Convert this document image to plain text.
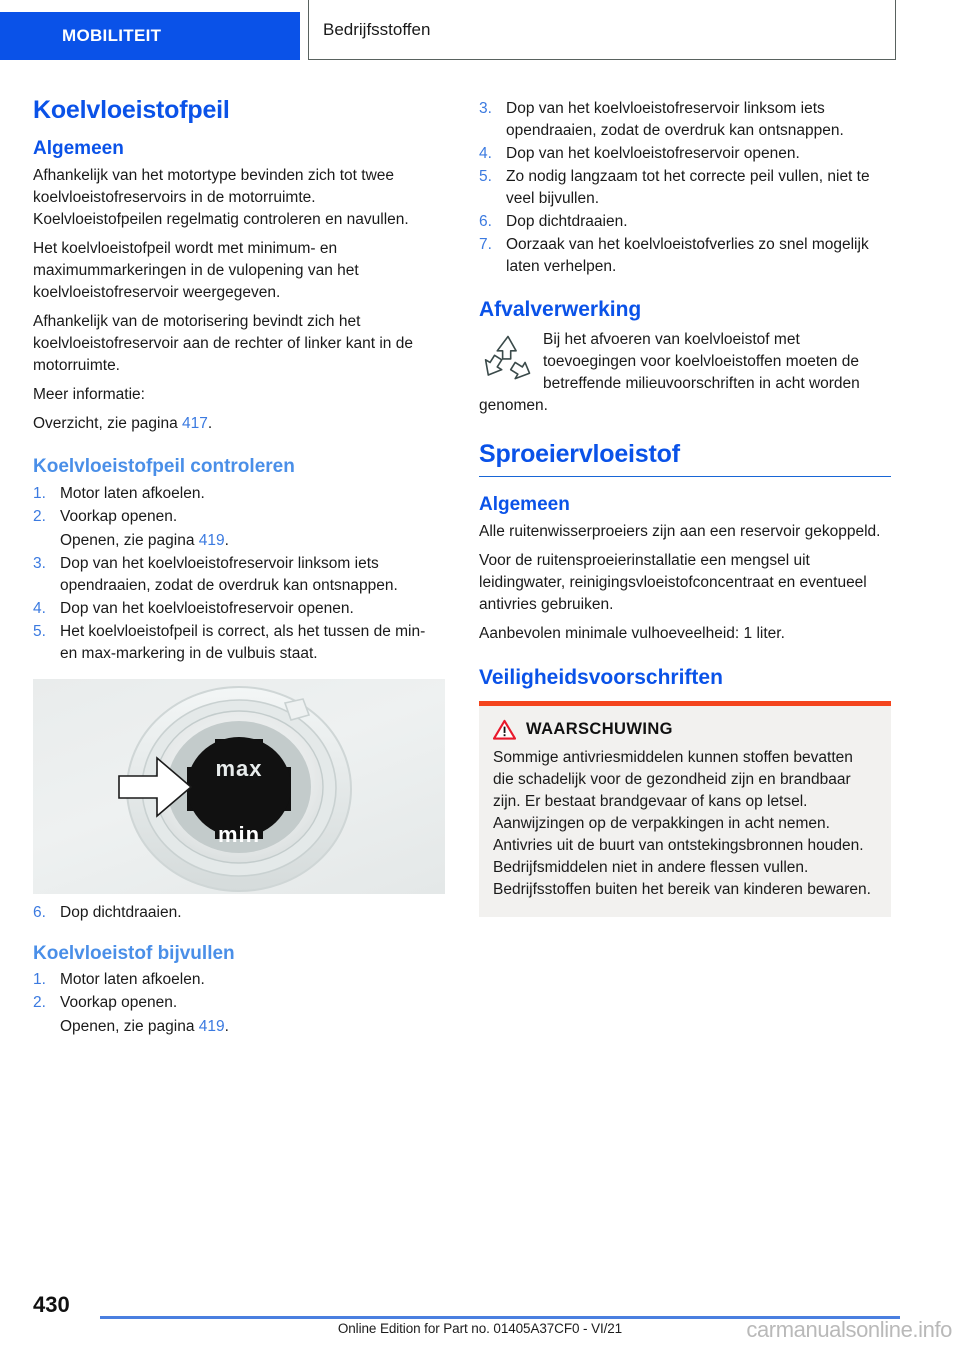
MOBILITEIT	Bedrijfsstoffen
Koelvloeistofpeil
Algemeen

Afhankelijk van het motortype bevinden zich tot twee koelvloeistofreservoirs in de motorruimte. Koelvloeistofpeilen regelmatig controleren en navullen.

Het koelvloeistofpeil wordt met minimum- en maximummarkeringen in de vulopening van het koelvloeistofreservoir weergegeven.

Afhankelijk van de motorisering bevindt zich het koelvloeistofreservoir aan de rechter of linker kant in de motorruimte.

Meer informatie:

Overzicht, zie pagina 417.

Koelvloeistofpeil controleren
1. Motor laten afkoelen.
2. Voorkap openen.
Openen, zie pagina 419.
3. Dop van het koelvloeistofreservoir linksom iets opendraaien, zodat de overdruk kan ontsnappen.
4. Dop van het koelvloeistofreservoir openen.
5. Het koelvloeistofpeil is correct, als het tussen de min- en max-markering in de vulbuis staat.
max
min
6. Dop dichtdraaien.
Koelvloeistof bijvullen
1. Motor laten afkoelen.
2. Voorkap openen.
Openen, zie pagina 419.
3. Dop van het koelvloeistofreservoir linksom iets opendraaien, zodat de overdruk kan ontsnappen.
4. Dop van het koelvloeistofreservoir openen.
5. Zo nodig langzaam tot het correcte peil vullen, niet te veel bijvullen.
6. Dop dichtdraaien.
7. Oorzaak van het koelvloeistofverlies zo snel mogelijk laten verhelpen.
Afvalverwerking

Bij het afvoeren van koelvloeistof met toevoegingen voor koelvloeistoffen moeten de betreffende milieuvoorschriften in acht worden genomen.

Sproeiervloeistof
Algemeen

Alle ruitenwisserproeiers zijn aan een reservoir gekoppeld.

Voor de ruitensproeierinstallatie een mengsel uit leidingwater, reinigingsvloeistofconcentraat en eventueel antivries gebruiken.

Aanbevolen minimale vulhoeveelheid: 1 liter.

Veiligheidsvoorschriften
WAARSCHUWING

Sommige antivriesmiddelen kunnen stoffen bevatten die schadelijk voor de gezondheid zijn en brandbaar zijn. Er bestaat brandgevaar of kans op letsel. Aanwijzingen op de verpakkingen in acht nemen. Antivries uit de buurt van ontstekingsbronnen houden. Bedrijfsmiddelen niet in andere flessen vullen. Bedrijfsstoffen buiten het bereik van kinderen bewaren.

430
Online Edition for Part no. 01405A37CF0 - VI/21	carmanualsonline.info
